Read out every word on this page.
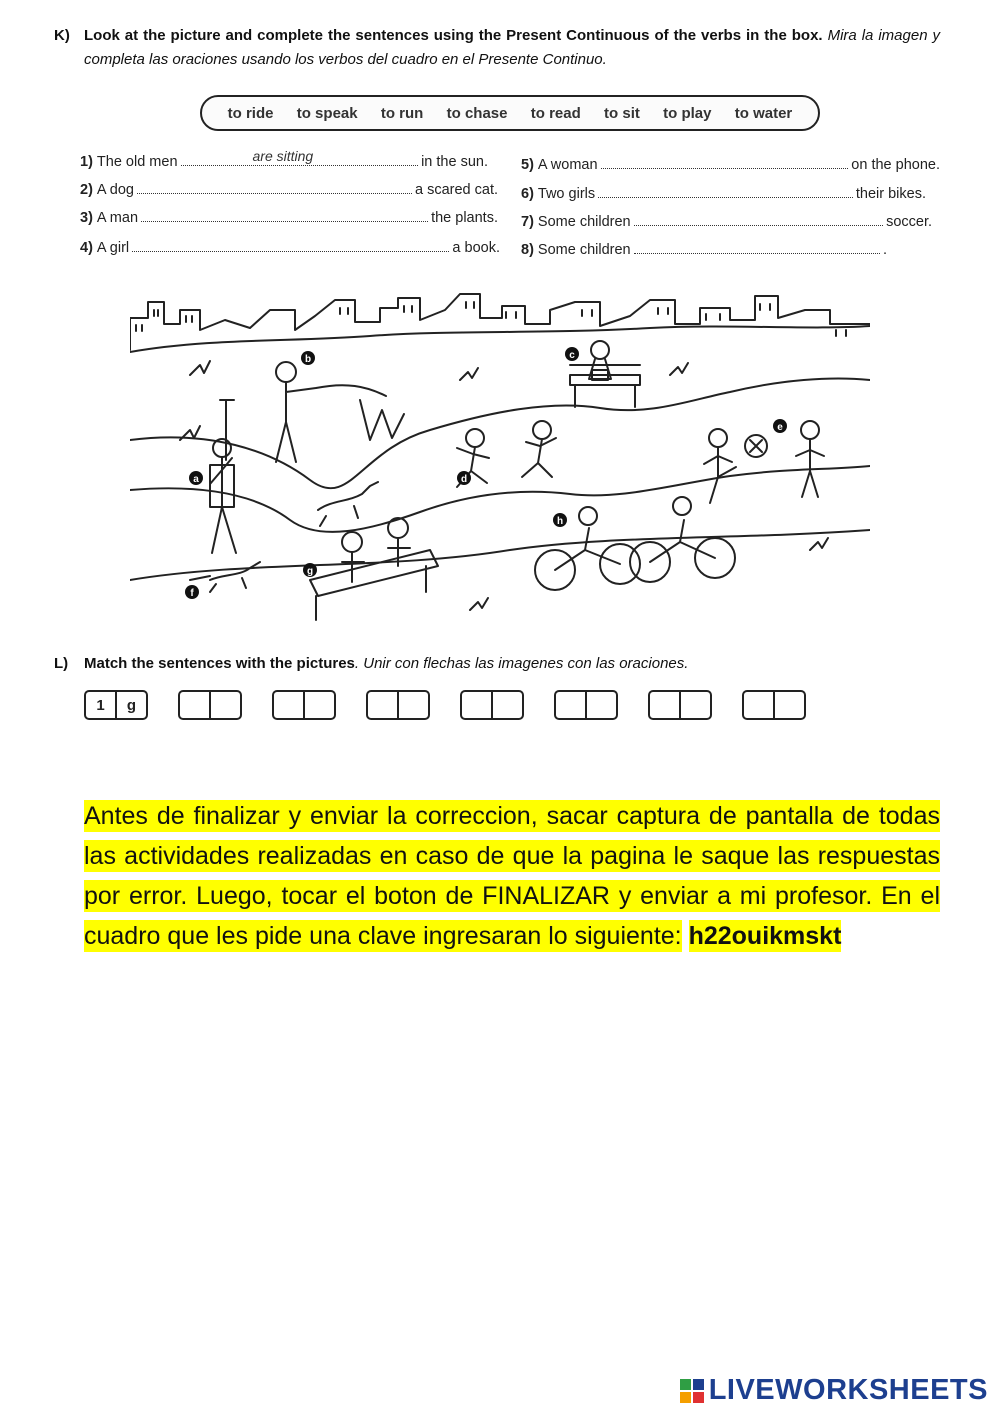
K) Look at the picture and complete the sentences using the Present Continuous of the verbs in the box. Mira la imagen y completa las oraciones usando los verbos del cuadro en el Presente Continuo.
to ride to speak to run to chase to read to sit to play to water
1) The old men	are sitting	in the sun.
2) A dog	a scared cat.
3) A man	the plants.
4) A girl	a book.
5) A woman	on the phone.
6) Two girls	their bikes.
7) Some children	soccer.
8) Some children	.
a
b	c
d
e
f
g
h
L) Match the sentences with the pictures. Unir con flechas las imagenes con las oraciones.
1	g
Antes de finalizar y enviar la correccion, sacar captura de pantalla de todas las actividades realizadas en caso de que la pagina le saque las respuestas por error. Luego, tocar el boton de FINALIZAR y enviar a mi profesor. En el cuadro que les pide una clave ingresaran lo siguiente: h22ouikmskt
LIVEWORKSHEETS
